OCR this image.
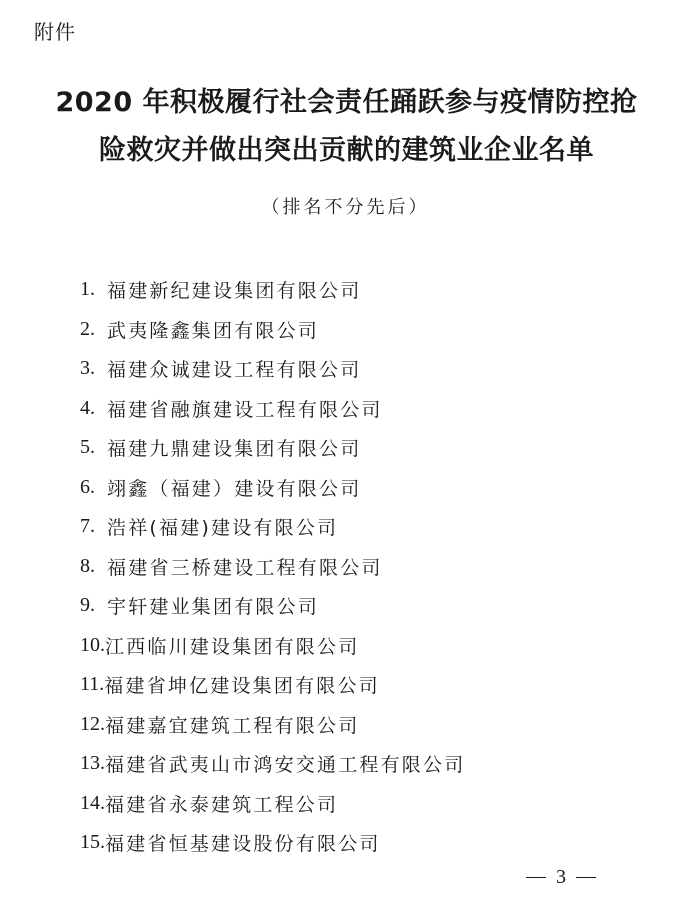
附件
2020 年积极履行社会责任踊跃参与疫情防控抢
险救灾并做出突出贡献的建筑业企业名单
（排名不分先后）
1. 福建新纪建设集团有限公司
2. 武夷隆鑫集团有限公司
3. 福建众诚建设工程有限公司
4. 福建省融旗建设工程有限公司
5. 福建九鼎建设集团有限公司
6. 翊鑫（福建）建设有限公司
7. 浩祥(福建)建设有限公司
8. 福建省三桥建设工程有限公司
9. 宇轩建业集团有限公司
10. 江西临川建设集团有限公司
11. 福建省坤亿建设集团有限公司
12. 福建嘉宜建筑工程有限公司
13. 福建省武夷山市鸿安交通工程有限公司
14. 福建省永泰建筑工程公司
15. 福建省恒基建设股份有限公司
3
